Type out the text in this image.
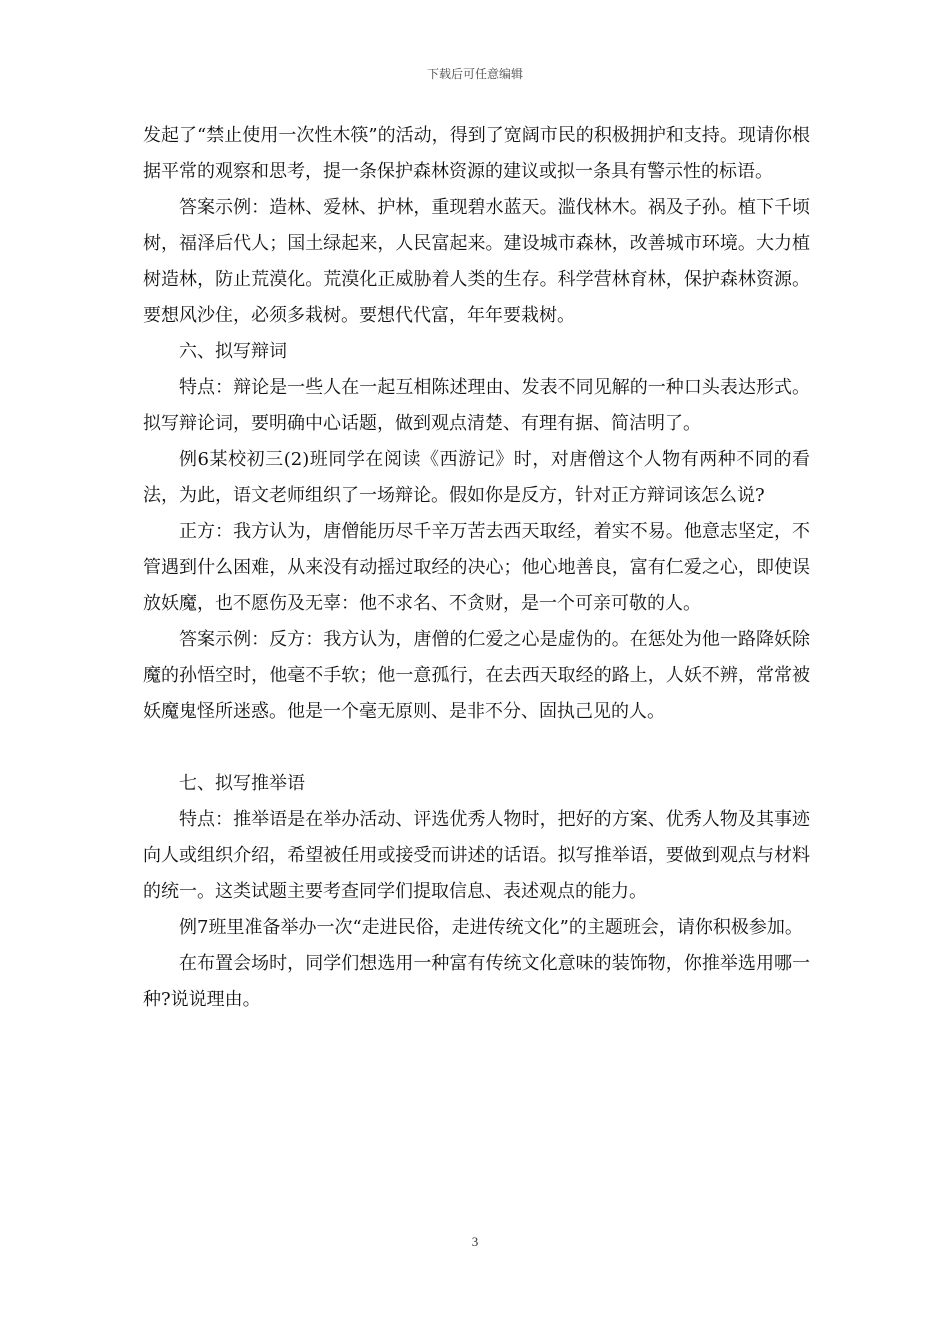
下载后可任意编辑

发起了“禁止使用一次性木筷”的活动，得到了宽阔市民的积极拥护和支持。现请你根据平常的观察和思考，提一条保护森林资源的建议或拟一条具有警示性的标语。

答案示例：造林、爱林、护林，重现碧水蓝天。滥伐林木。祸及子孙。植下千顷树，福泽后代人；国土绿起来，人民富起来。建设城市森林，改善城市环境。大力植树造林，防止荒漠化。荒漠化正威胁着人类的生存。科学营林育林，保护森林资源。要想风沙住，必须多栽树。要想代代富，年年要栽树。

六、拟写辩词

特点：辩论是一些人在一起互相陈述理由、发表不同见解的一种口头表达形式。拟写辩论词，要明确中心话题，做到观点清楚、有理有据、简洁明了。

例6某校初三(2)班同学在阅读《西游记》时，对唐僧这个人物有两种不同的看法，为此，语文老师组织了一场辩论。假如你是反方，针对正方辩词该怎么说?

正方：我方认为，唐僧能历尽千辛万苦去西天取经，着实不易。他意志坚定，不管遇到什么困难，从来没有动摇过取经的决心；他心地善良，富有仁爱之心，即使误放妖魔，也不愿伤及无辜：他不求名、不贪财，是一个可亲可敬的人。

答案示例：反方：我方认为，唐僧的仁爱之心是虚伪的。在惩处为他一路降妖除魔的孙悟空时，他毫不手软；他一意孤行，在去西天取经的路上，人妖不辨，常常被妖魔鬼怪所迷惑。他是一个毫无原则、是非不分、固执己见的人。

七、拟写推举语

特点：推举语是在举办活动、评选优秀人物时，把好的方案、优秀人物及其事迹向人或组织介绍，希望被任用或接受而讲述的话语。拟写推举语，要做到观点与材料的统一。这类试题主要考查同学们提取信息、表述观点的能力。

例7班里准备举办一次“走进民俗，走进传统文化”的主题班会，请你积极参加。

在布置会场时，同学们想选用一种富有传统文化意味的装饰物，你推举选用哪一种?说说理由。

3
